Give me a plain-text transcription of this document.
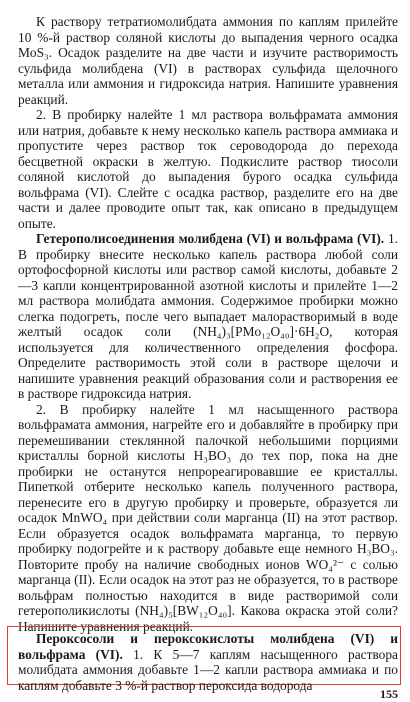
К раствору тетратиомолибдата аммония по каплям прилейте 10 %-й раствор соляной кислоты до выпадения черного осадка MoS₃. Осадок разделите на две части и изучите растворимость сульфида молибдена (VI) в растворах сульфида щелочного металла или аммония и гидроксида натрия. Напишите уравнения реакций.

2. В пробирку налейте 1 мл раствора вольфрамата аммония или натрия, добавьте к нему несколько капель раствора аммиака и пропустите через раствор ток сероводорода до перехода бесцветной окраски в желтую. Подкислите раствор тиосоли соляной кислотой до выпадения бурого осадка сульфида вольфрама (VI). Слейте с осадка раствор, разделите его на две части и далее проводите опыт так, как описано в предыдущем опыте.

Гетерополисоединения молибдена (VI) и вольфрама (VI). 1. В пробирку внесите несколько капель раствора любой соли ортофосфорной кислоты или раствор самой кислоты, добавьте 2—3 капли концентрированной азотной кислоты и прилейте 1—2 мл раствора молибдата аммония. Содержимое пробирки можно слегка подогреть, после чего выпадает малорастворимый в воде желтый осадок соли (NH₄)₃[PMo₁₂O₄₀]·6H₂O, которая используется для количественного определения фосфора. Определите растворимость этой соли в растворе щелочи и напишите уравнения реакций образования соли и растворения ее в растворе гидроксида натрия.

2. В пробирку налейте 1 мл насыщенного раствора вольфрамата аммония, нагрейте его и добавляйте в пробирку при перемешивании стеклянной палочкой небольшими порциями кристаллы борной кислоты H₃BO₃ до тех пор, пока на дне пробирки не останутся непрореагировавшие ее кристаллы. Пипеткой отберите несколько капель полученного раствора, перенесите его в другую пробирку и проверьте, образуется ли осадок MnWO₄ при действии соли марганца (II) на этот раствор. Если образуется осадок вольфрамата марганца, то первую пробирку подогрейте и к раствору добавьте еще немного H₃BO₃. Повторите пробу на наличие свободных ионов WO₄²⁻ с солью марганца (II). Если осадок на этот раз не образуется, то в растворе вольфрам полностью находится в виде растворимой соли гетерополикислоты (NH₄)₅[BW₁₂O₄₀]. Какова окраска этой соли? Напишите уравнения реакций.

Пероксосоли и пероксокислоты молибдена (VI) и вольфрама (VI). 1. К 5—7 каплям насыщенного раствора молибдата аммония добавьте 1—2 капли раствора аммиака и по каплям добавьте 3 %-й раствор пероксида водорода

155
